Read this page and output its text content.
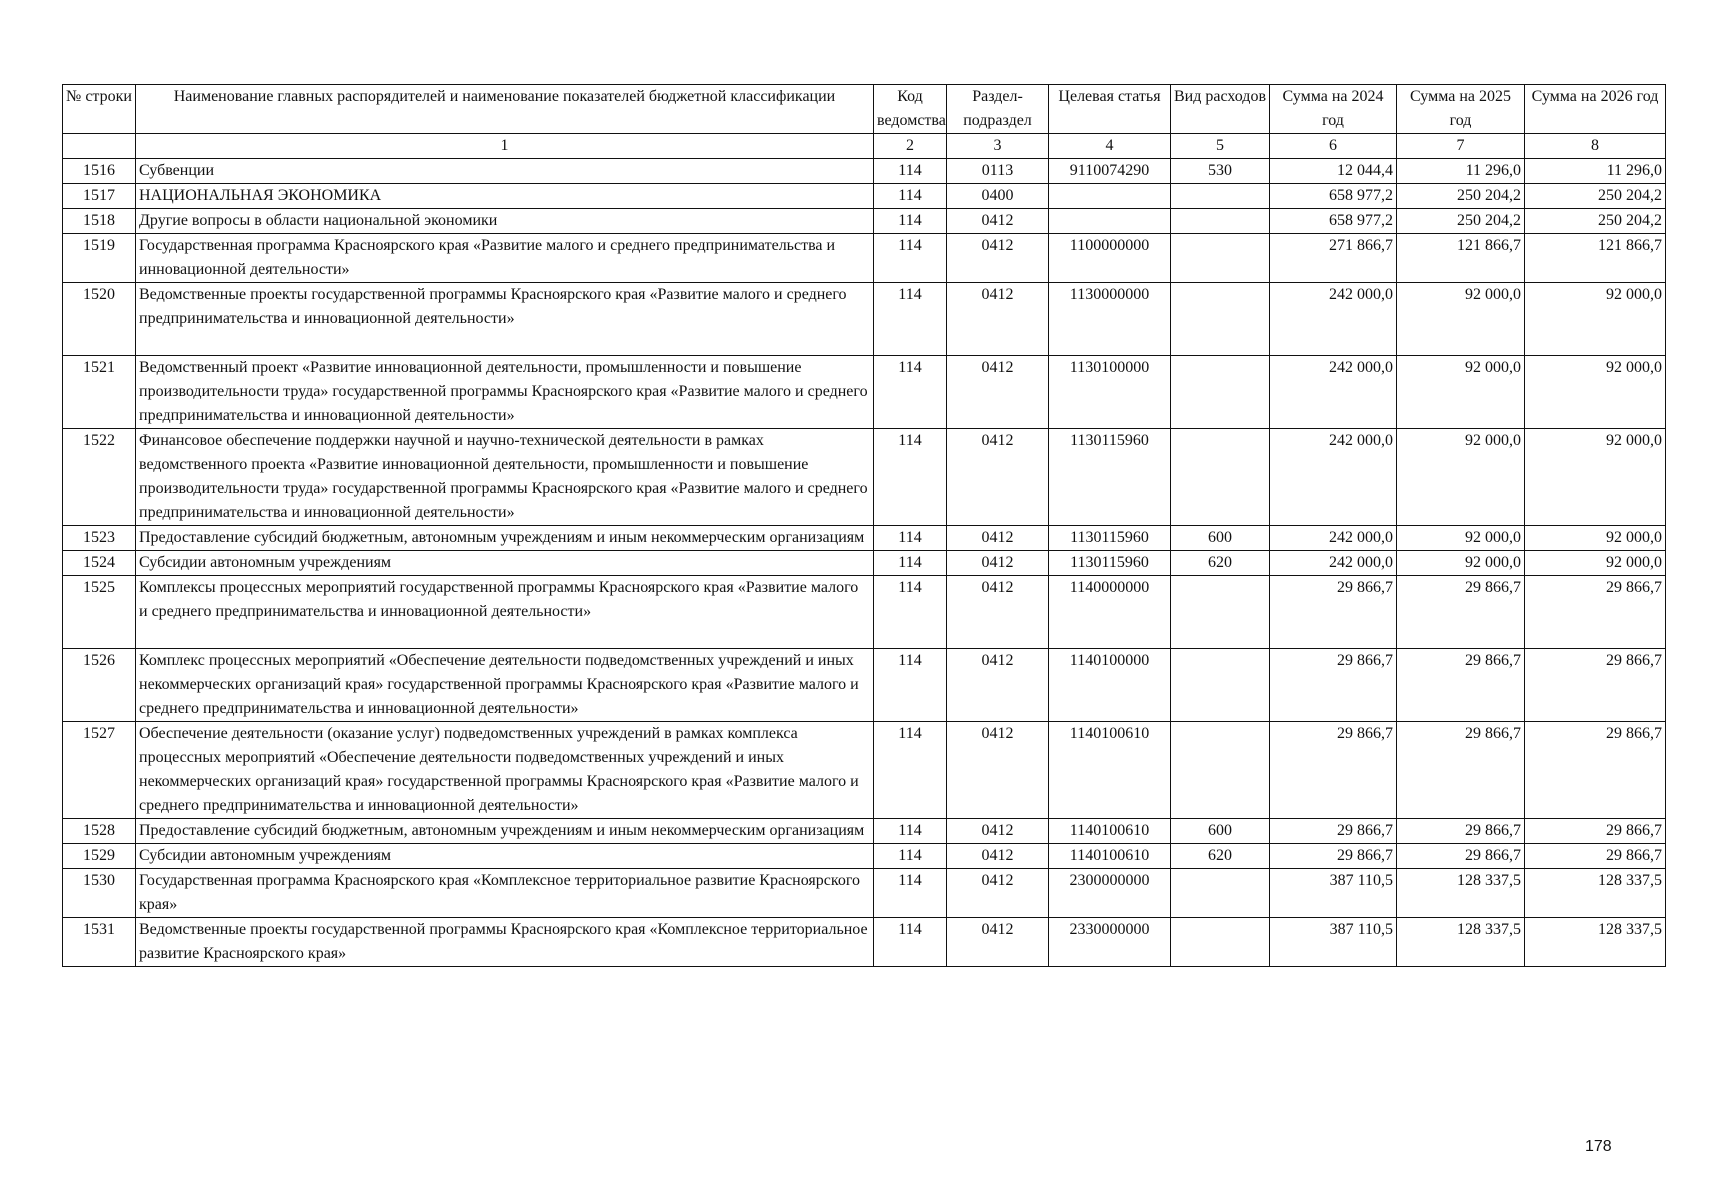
№ строки	Наименование главных распорядителей и наименование показателей бюджетной классификации	Код ведомства	Раздел-подраздел	Целевая статья	Вид расходов	Сумма на 2024 год	Сумма на 2025 год	Сумма на 2026 год
	1	2	3	4	5	6	7	8
1516	Субвенции	114	0113	9110074290	530	12 044,4	11 296,0	11 296,0
1517	НАЦИОНАЛЬНАЯ ЭКОНОМИКА	114	0400			658 977,2	250 204,2	250 204,2
1518	Другие вопросы в области национальной экономики	114	0412			658 977,2	250 204,2	250 204,2
1519	Государственная программа Красноярского края «Развитие малого и среднего предпринимательства и инновационной деятельности»	114	0412	1100000000		271 866,7	121 866,7	121 866,7
1520	Ведомственные проекты государственной программы Красноярского края «Развитие малого и среднего предпринимательства и инновационной деятельности»	114	0412	1130000000		242 000,0	92 000,0	92 000,0
1521	Ведомственный проект «Развитие инновационной деятельности, промышленности и повышение производительности труда» государственной программы Красноярского края «Развитие малого и среднего предпринимательства и инновационной деятельности»	114	0412	1130100000		242 000,0	92 000,0	92 000,0
1522	Финансовое обеспечение поддержки научной и научно-технической деятельности в рамках ведомственного проекта «Развитие инновационной деятельности, промышленности и повышение производительности труда» государственной программы Красноярского края «Развитие малого и среднего предпринимательства и инновационной деятельности»	114	0412	1130115960		242 000,0	92 000,0	92 000,0
1523	Предоставление субсидий бюджетным, автономным учреждениям и иным некоммерческим организациям	114	0412	1130115960	600	242 000,0	92 000,0	92 000,0
1524	Субсидии автономным учреждениям	114	0412	1130115960	620	242 000,0	92 000,0	92 000,0
1525	Комплексы процессных мероприятий государственной программы Красноярского края «Развитие малого и среднего предпринимательства и инновационной деятельности»	114	0412	1140000000		29 866,7	29 866,7	29 866,7
1526	Комплекс процессных мероприятий «Обеспечение деятельности подведомственных учреждений и иных некоммерческих организаций края» государственной программы Красноярского края «Развитие малого и среднего предпринимательства и инновационной деятельности»	114	0412	1140100000		29 866,7	29 866,7	29 866,7
1527	Обеспечение деятельности (оказание услуг) подведомственных учреждений в рамках комплекса процессных мероприятий «Обеспечение деятельности подведомственных учреждений и иных некоммерческих организаций края» государственной программы Красноярского края «Развитие малого и среднего предпринимательства и инновационной деятельности»	114	0412	1140100610		29 866,7	29 866,7	29 866,7
1528	Предоставление субсидий бюджетным, автономным учреждениям и иным некоммерческим организациям	114	0412	1140100610	600	29 866,7	29 866,7	29 866,7
1529	Субсидии автономным учреждениям	114	0412	1140100610	620	29 866,7	29 866,7	29 866,7
1530	Государственная программа Красноярского края «Комплексное территориальное развитие Красноярского края»	114	0412	2300000000		387 110,5	128 337,5	128 337,5
1531	Ведомственные проекты государственной программы Красноярского края «Комплексное территориальное развитие Красноярского края»	114	0412	2330000000		387 110,5	128 337,5	128 337,5
178
